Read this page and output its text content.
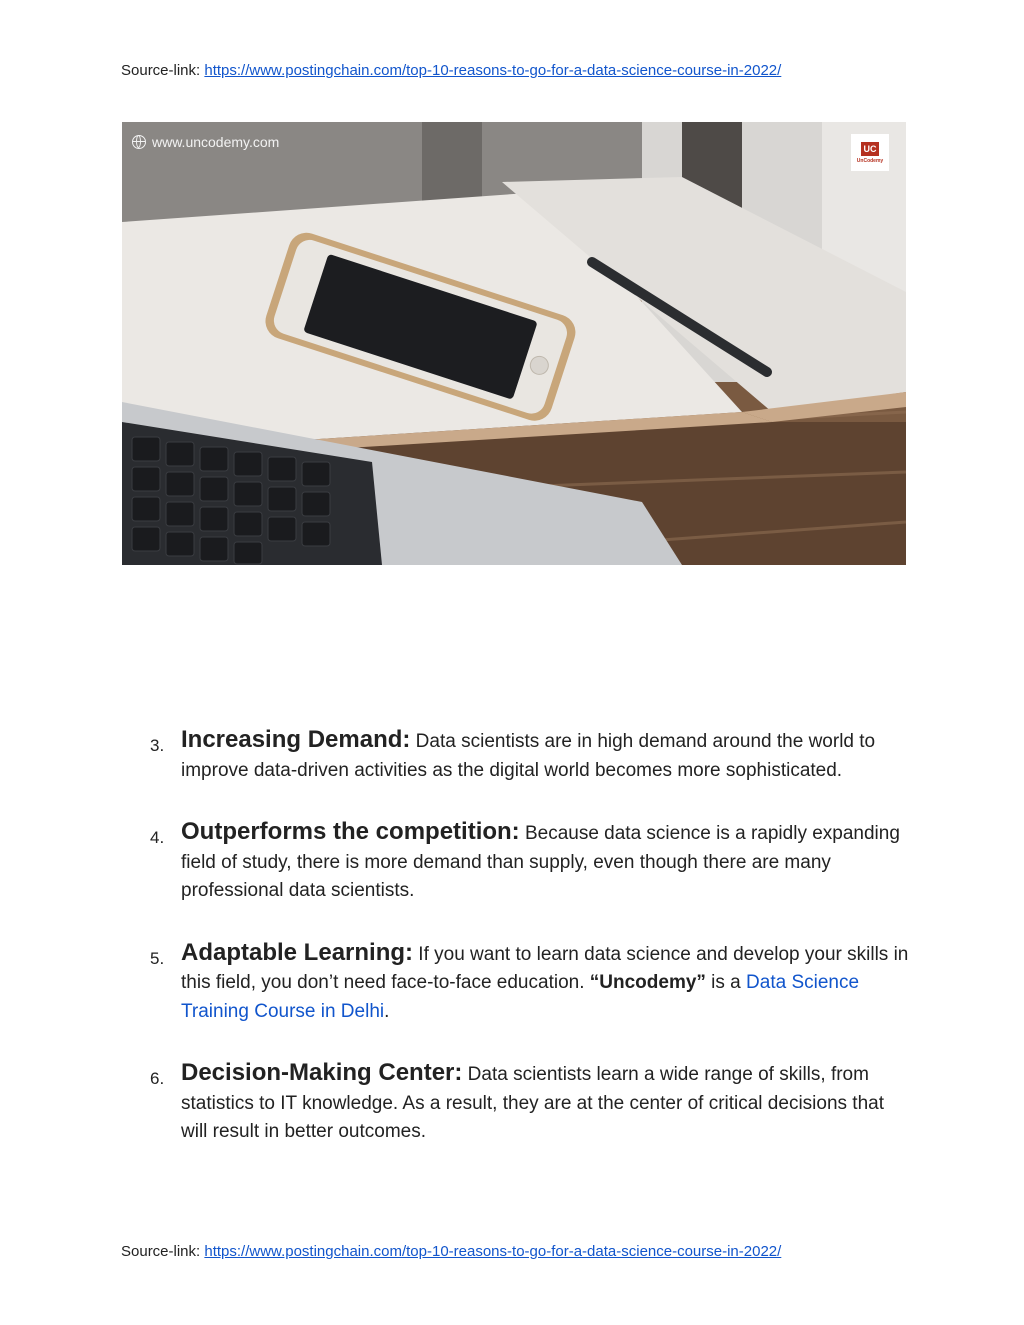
Source-link: https://www.postingchain.com/top-10-reasons-to-go-for-a-data-science-course-in-2022/
www.uncodemy.com	UC
UnCodemy
3. Increasing Demand: Data scientists are in high demand around the world to improve data-driven activities as the digital world becomes more sophisticated.

4. Outperforms the competition: Because data science is a rapidly expanding field of study, there is more demand than supply, even though there are many professional data scientists.

5. Adaptable Learning: If you want to learn data science and develop your skills in this field, you don’t need face-to-face education. “Uncodemy” is a Data Science Training Course in Delhi.

6. Decision-Making Center: Data scientists learn a wide range of skills, from statistics to IT knowledge. As a result, they are at the center of critical decisions that will result in better outcomes.

Source-link: https://www.postingchain.com/top-10-reasons-to-go-for-a-data-science-course-in-2022/
